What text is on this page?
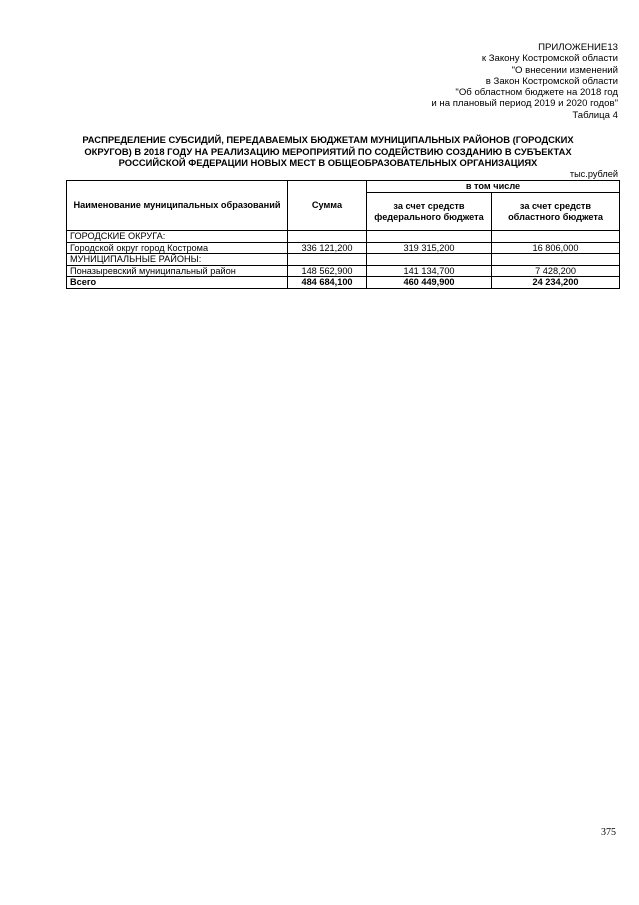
ПРИЛОЖЕНИЕ13
к Закону Костромской области
"О внесении изменений
в Закон Костромской области
"Об областном бюджете на 2018 год
и на плановый период 2019 и 2020 годов"
Таблица 4
РАСПРЕДЕЛЕНИЕ СУБСИДИЙ, ПЕРЕДАВАЕМЫХ БЮДЖЕТАМ МУНИЦИПАЛЬНЫХ РАЙОНОВ (ГОРОДСКИХ ОКРУГОВ) В 2018 ГОДУ НА РЕАЛИЗАЦИЮ МЕРОПРИЯТИЙ ПО СОДЕЙСТВИЮ СОЗДАНИЮ В СУБЪЕКТАХ РОССИЙСКОЙ ФЕДЕРАЦИИ НОВЫХ МЕСТ В ОБЩЕОБРАЗОВАТЕЛЬНЫХ ОРГАНИЗАЦИЯХ
тыс.рублей
Наименование муниципальных образований	Сумма	в том числе	
		за счет средств федерального бюджета	за счет средств областного бюджета
ГОРОДСКИЕ ОКРУГА:			
Городской округ город Кострома	336 121,200	319 315,200	16 806,000
МУНИЦИПАЛЬНЫЕ РАЙОНЫ:			
Поназыревский муниципальный район	148 562,900	141 134,700	7 428,200
Всего	484 684,100	460 449,900	24 234,200
375
